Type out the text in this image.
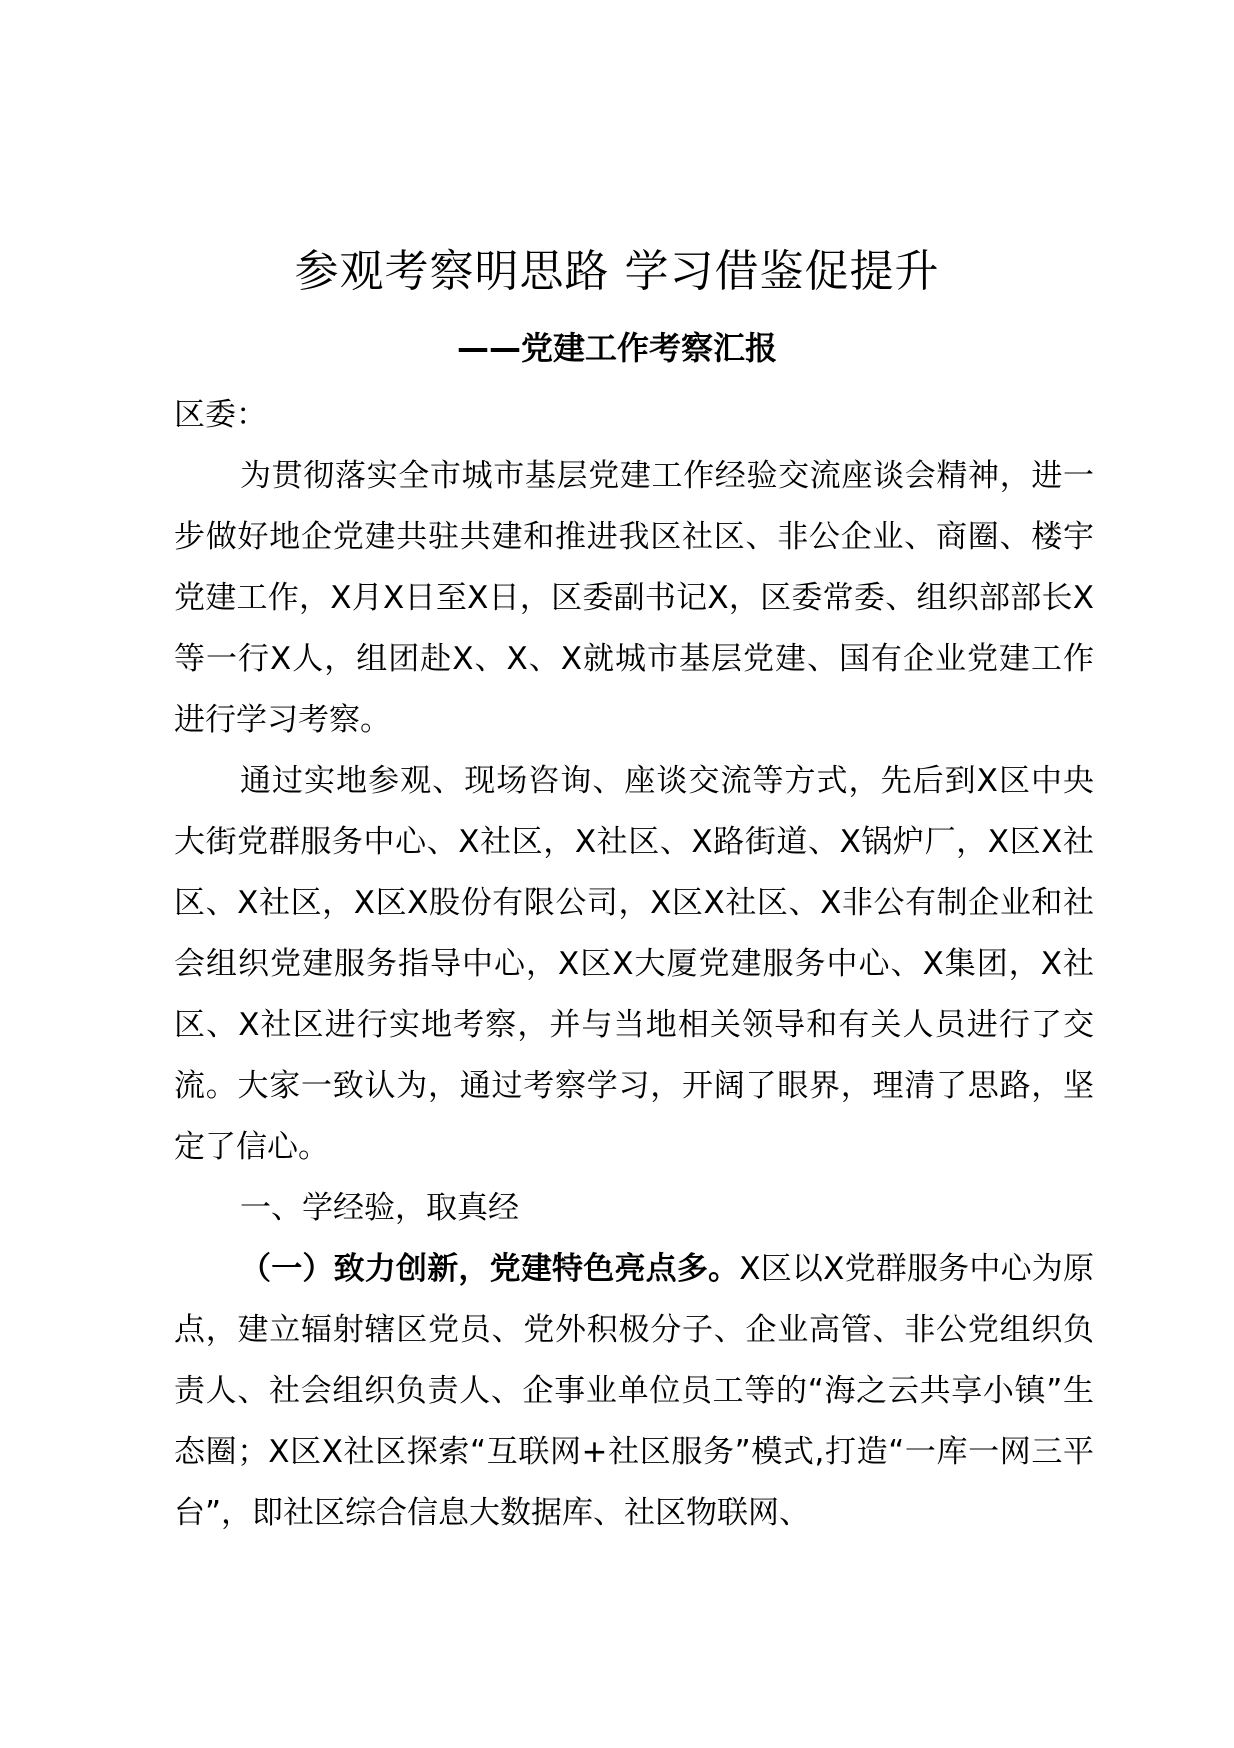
参观考察明思路 学习借鉴促提升
——党建工作考察汇报

区委：

为贯彻落实全市城市基层党建工作经验交流座谈会精神，进一步做好地企党建共驻共建和推进我区社区、非公企业、商圈、楼宇党建工作，X月X日至X日，区委副书记X，区委常委、组织部部长X等一行X人，组团赴X、X、X就城市基层党建、国有企业党建工作进行学习考察。

通过实地参观、现场咨询、座谈交流等方式，先后到X区中央大街党群服务中心、X社区，X社区、X路街道、X锅炉厂，X区X社区、X社区，X区X股份有限公司，X区X社区、X非公有制企业和社会组织党建服务指导中心，X区X大厦党建服务中心、X集团，X社区、X社区进行实地考察，并与当地相关领导和有关人员进行了交流。大家一致认为，通过考察学习，开阔了眼界，理清了思路，坚定了信心。

一、学经验，取真经

（一）致力创新，党建特色亮点多。X区以X党群服务中心为原点，建立辐射辖区党员、党外积极分子、企业高管、非公党组织负责人、社会组织负责人、企事业单位员工等的“海之云共享小镇”生态圈；X区X社区探索“互联网+社区服务”模式,打造“一库一网三平台”，即社区综合信息大数据库、社区物联网、
